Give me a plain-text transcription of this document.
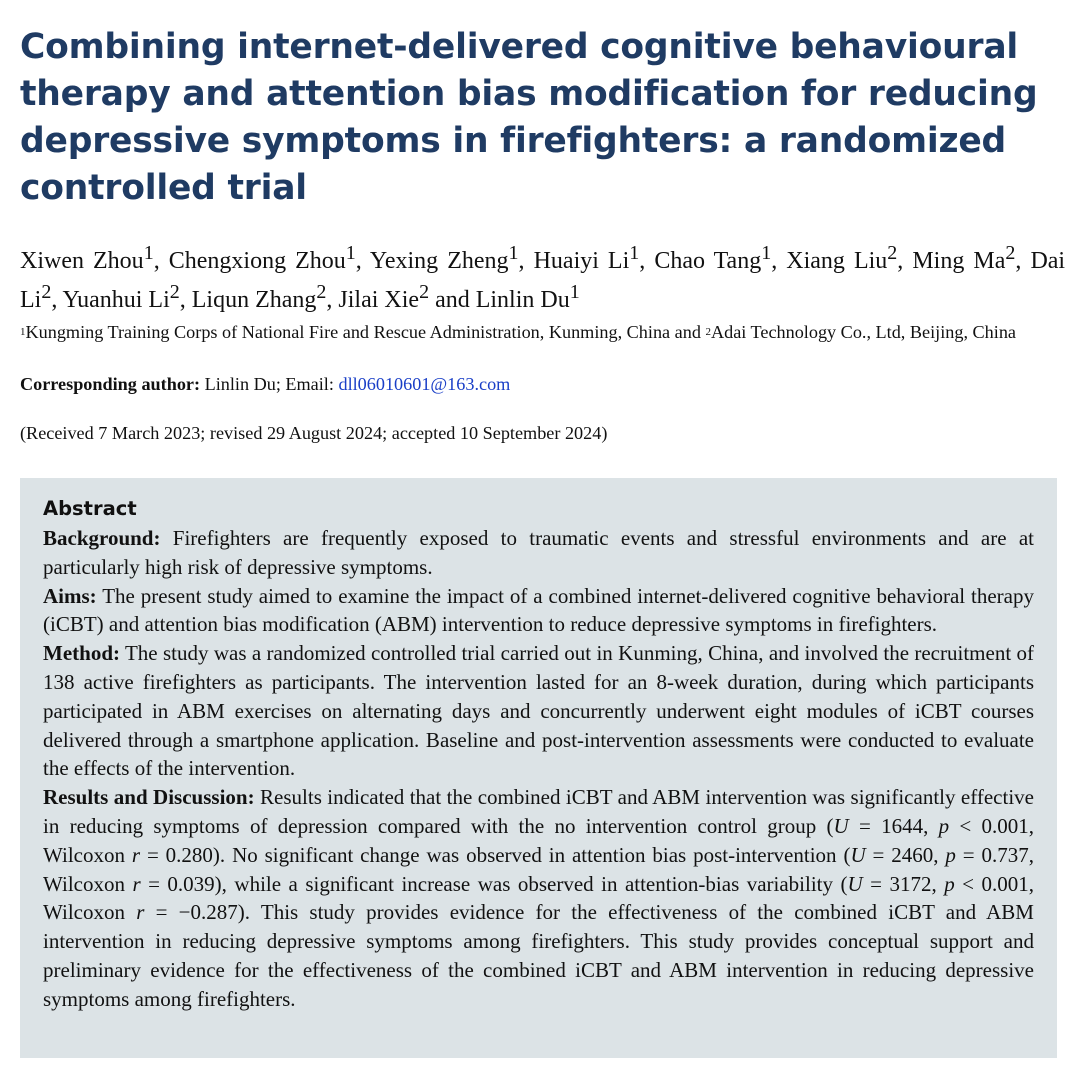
Combining internet-delivered cognitive behavioural therapy and attention bias modification for reducing depressive symptoms in firefighters: a randomized controlled trial

Xiwen Zhou$^1$, Chengxiong Zhou$^1$, Yexing Zheng$^1$, Huaiyi Li$^1$, Chao Tang$^1$, Xiang Liu$^2$, Ming Ma$^2$, Dai Li$^2$, Yuanhui Li$^2$, Liqun Zhang$^2$, Jilai Xie$^2$ and Linlin Du$^1$

$^1$Kungming Training Corps of National Fire and Rescue Administration, Kunming, China and $^2$Adai Technology Co., Ltd, Beijing, China

Corresponding author: Linlin Du; Email: dll06010601@163.com

(Received 7 March 2023; revised 29 August 2024; accepted 10 September 2024)

Abstract

Background: Firefighters are frequently exposed to traumatic events and stressful environments and are at particularly high risk of depressive symptoms.

Aims: The present study aimed to examine the impact of a combined internet-delivered cognitive behavioral therapy (iCBT) and attention bias modification (ABM) intervention to reduce depressive symptoms in firefighters.

Method: The study was a randomized controlled trial carried out in Kunming, China, and involved the recruitment of 138 active firefighters as participants. The intervention lasted for an 8-week duration, during which participants participated in ABM exercises on alternating days and concurrently underwent eight modules of iCBT courses delivered through a smartphone application. Baseline and post-intervention assessments were conducted to evaluate the effects of the intervention.

Results and Discussion: Results indicated that the combined iCBT and ABM intervention was significantly effective in reducing symptoms of depression compared with the no intervention control group (U = 1644, p < 0.001, Wilcoxon r = 0.280). No significant change was observed in attention bias post-intervention (U = 2460, p = 0.737, Wilcoxon r = 0.039), while a significant increase was observed in attention-bias variability (U = 3172, p < 0.001, Wilcoxon r = −0.287). This study provides evidence for the effectiveness of the combined iCBT and ABM intervention in reducing depressive symptoms among firefighters. This study provides conceptual support and preliminary evidence for the effectiveness of the combined iCBT and ABM intervention in reducing depressive symptoms among firefighters.
